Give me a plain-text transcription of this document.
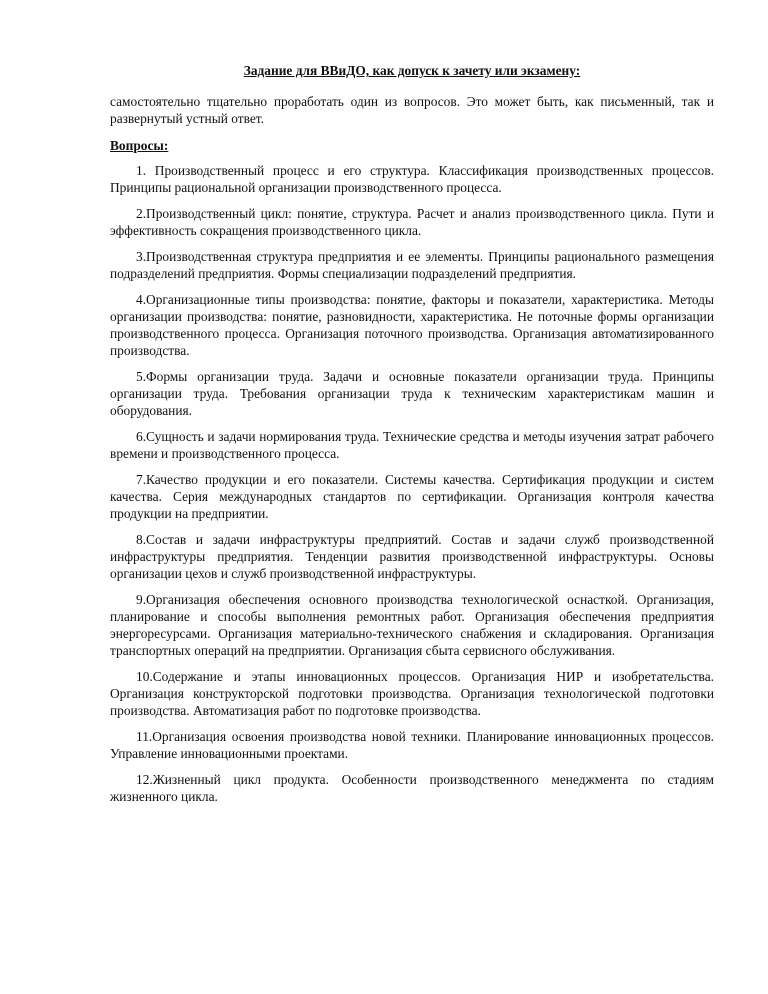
Задание для ВВиДО, как допуск к зачету или экзамену:

самостоятельно тщательно проработать один из вопросов. Это может быть, как письменный, так и развернутый устный ответ.

Вопросы:

1. Производственный процесс и его структура. Классификация производственных процессов. Принципы рациональной организации производственного процесса.

2.Производственный цикл: понятие, структура. Расчет и анализ производственного цикла. Пути и эффективность сокращения производственного цикла.

3.Производственная структура предприятия и ее элементы. Принципы рационального размещения подразделений предприятия. Формы специализации подразделений предприятия.

4.Организационные типы производства: понятие, факторы и показатели, характеристика. Методы организации производства: понятие, разновидности, характеристика. Не поточные формы организации производственного процесса. Организация поточного производства. Организация автоматизированного производства.

5.Формы организации труда. Задачи и основные показатели организации труда. Принципы организации труда. Требования организации труда к техническим характеристикам машин и оборудования.

6.Сущность и задачи нормирования труда. Технические средства и методы изучения затрат рабочего времени и производственного процесса.

7.Качество продукции и его показатели. Системы качества. Сертификация продукции и систем качества. Серия международных стандартов по сертификации. Организация контроля качества продукции на предприятии.

8.Состав и задачи инфраструктуры предприятий. Состав и задачи служб производственной инфраструктуры предприятия. Тенденции развития производственной инфраструктуры. Основы организации цехов и служб производственной инфраструктуры.

9.Организация обеспечения основного производства технологической оснасткой. Организация, планирование и способы выполнения ремонтных работ. Организация обеспечения предприятия энергоресурсами. Организация материально-технического снабжения и складирования. Организация транспортных операций на предприятии. Организация сбыта сервисного обслуживания.

10.Содержание и этапы инновационных процессов. Организация НИР и изобретательства. Организация конструкторской подготовки производства. Организация технологической подготовки производства. Автоматизация работ по подготовке производства.

11.Организация освоения производства новой техники. Планирование инновационных процессов. Управление инновационными проектами.

12.Жизненный цикл продукта. Особенности производственного менеджмента по стадиям жизненного цикла.
